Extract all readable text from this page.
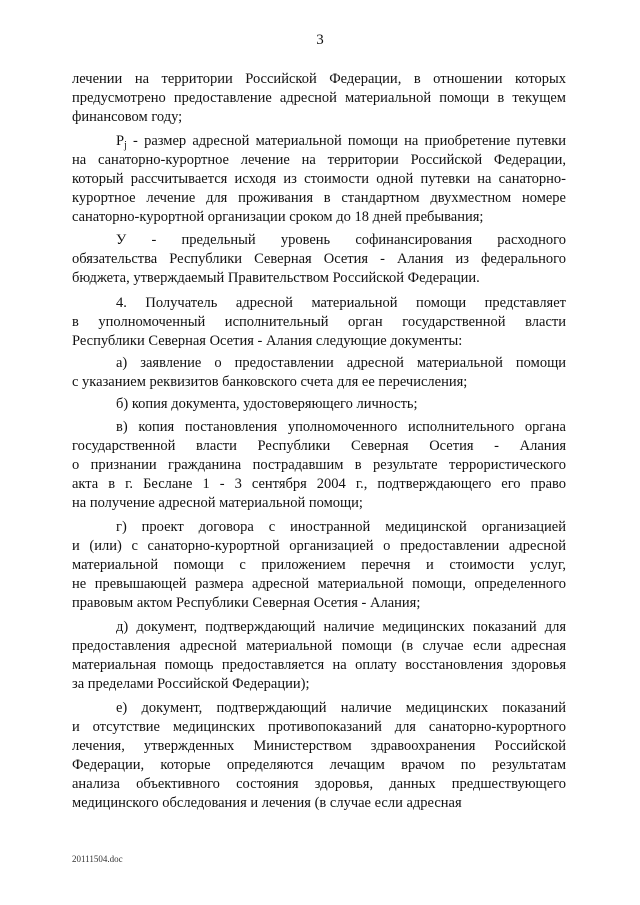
3
лечении на территории Российской Федерации, в отношении которых
предусмотрено предоставление адресной материальной помощи в текущем
финансовом году;
$P_j$ - размер адресной материальной помощи на приобретение путевки
на санаторно-курортное лечение на территории Российской Федерации,
который рассчитывается исходя из стоимости одной путевки на санаторно-
курортное лечение для проживания в стандартном двухместном номере
санаторно-курортной организации сроком до 18 дней пребывания;
У - предельный уровень софинансирования расходного
обязательства Республики Северная Осетия - Алания из федерального
бюджета, утверждаемый Правительством Российской Федерации.
4. Получатель адресной материальной помощи представляет
в уполномоченный исполнительный орган государственной власти
Республики Северная Осетия - Алания следующие документы:
а) заявление о предоставлении адресной материальной помощи
с указанием реквизитов банковского счета для ее перечисления;
б) копия документа, удостоверяющего личность;
в) копия постановления уполномоченного исполнительного органа
государственной власти Республики Северная Осетия - Алания
о признании гражданина пострадавшим в результате террористического
акта в г. Беслане 1 - 3 сентября 2004 г., подтверждающего его право
на получение адресной материальной помощи;
г) проект договора с иностранной медицинской организацией
и (или) с санаторно-курортной организацией о предоставлении адресной
материальной помощи с приложением перечня и стоимости услуг,
не превышающей размера адресной материальной помощи, определенного
правовым актом Республики Северная Осетия - Алания;
д) документ, подтверждающий наличие медицинских показаний для
предоставления адресной материальной помощи (в случае если адресная
материальная помощь предоставляется на оплату восстановления здоровья
за пределами Российской Федерации);
е) документ, подтверждающий наличие медицинских показаний
и отсутствие медицинских противопоказаний для санаторно-курортного
лечения, утвержденных Министерством здравоохранения Российской
Федерации, которые определяются лечащим врачом по результатам
анализа объективного состояния здоровья, данных предшествующего
медицинского обследования и лечения (в случае если адресная
20111504.doc
